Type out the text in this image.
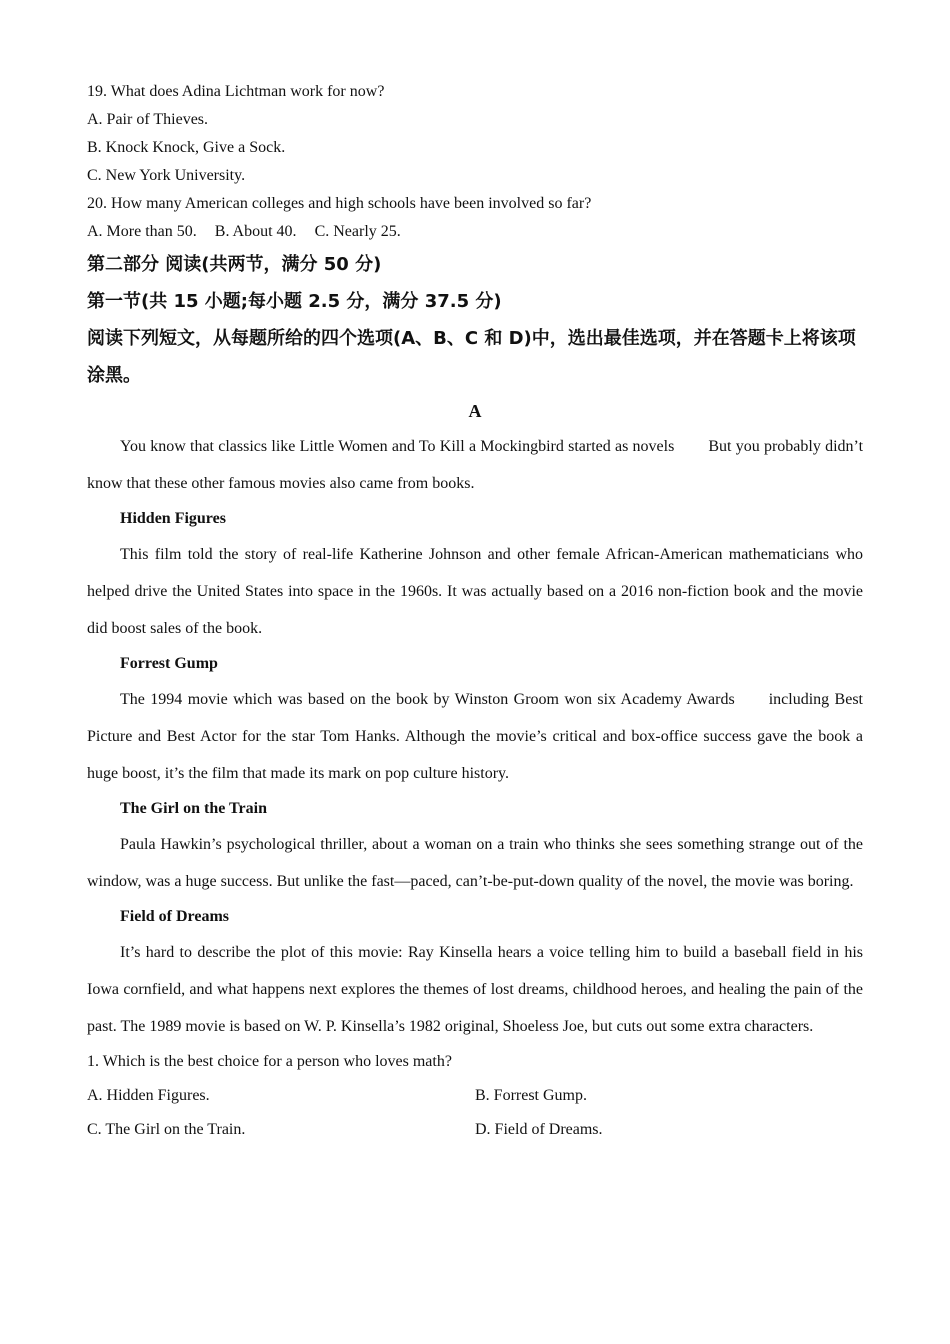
19. What does Adina Lichtman work for now?

A. Pair of Thieves.

B. Knock Knock, Give a Sock.

C. New York University.

20. How many American colleges and high schools have been involved so far?

A. More than 50. B. About 40. C. Nearly 25.

第二部分 阅读(共两节，满分 50 分)

第一节(共 15 小题;每小题 2.5 分，满分 37.5 分)

阅读下列短文，从每题所给的四个选项(A、B、C 和 D)中，选出最佳选项，并在答题卡上将该项涂黑。

A

You know that classics like Little Women and To Kill a Mockingbird started as novels But you probably didn’t know that these other famous movies also came from books.

Hidden Figures

This film told the story of real-life Katherine Johnson and other female African-American mathematicians who helped drive the United States into space in the 1960s. It was actually based on a 2016 non-fiction book and the movie did boost sales of the book.

Forrest Gump

The 1994 movie which was based on the book by Winston Groom won six Academy Awards including Best Picture and Best Actor for the star Tom Hanks. Although the movie’s critical and box-office success gave the book a huge boost, it’s the film that made its mark on pop culture history.

The Girl on the Train

Paula Hawkin’s psychological thriller, about a woman on a train who thinks she sees something strange out of the window, was a huge success. But unlike the fast—paced, can’t-be-put-down quality of the novel, the movie was boring.

Field of Dreams

It’s hard to describe the plot of this movie: Ray Kinsella hears a voice telling him to build a baseball field in his Iowa cornfield, and what happens next explores the themes of lost dreams, childhood heroes, and healing the pain of the past. The 1989 movie is based on W. P. Kinsella’s 1982 original, Shoeless Joe, but cuts out some extra characters.

1. Which is the best choice for a person who loves math?

A. Hidden Figures.	B. Forrest Gump.
C. The Girl on the Train.	D. Field of Dreams.
